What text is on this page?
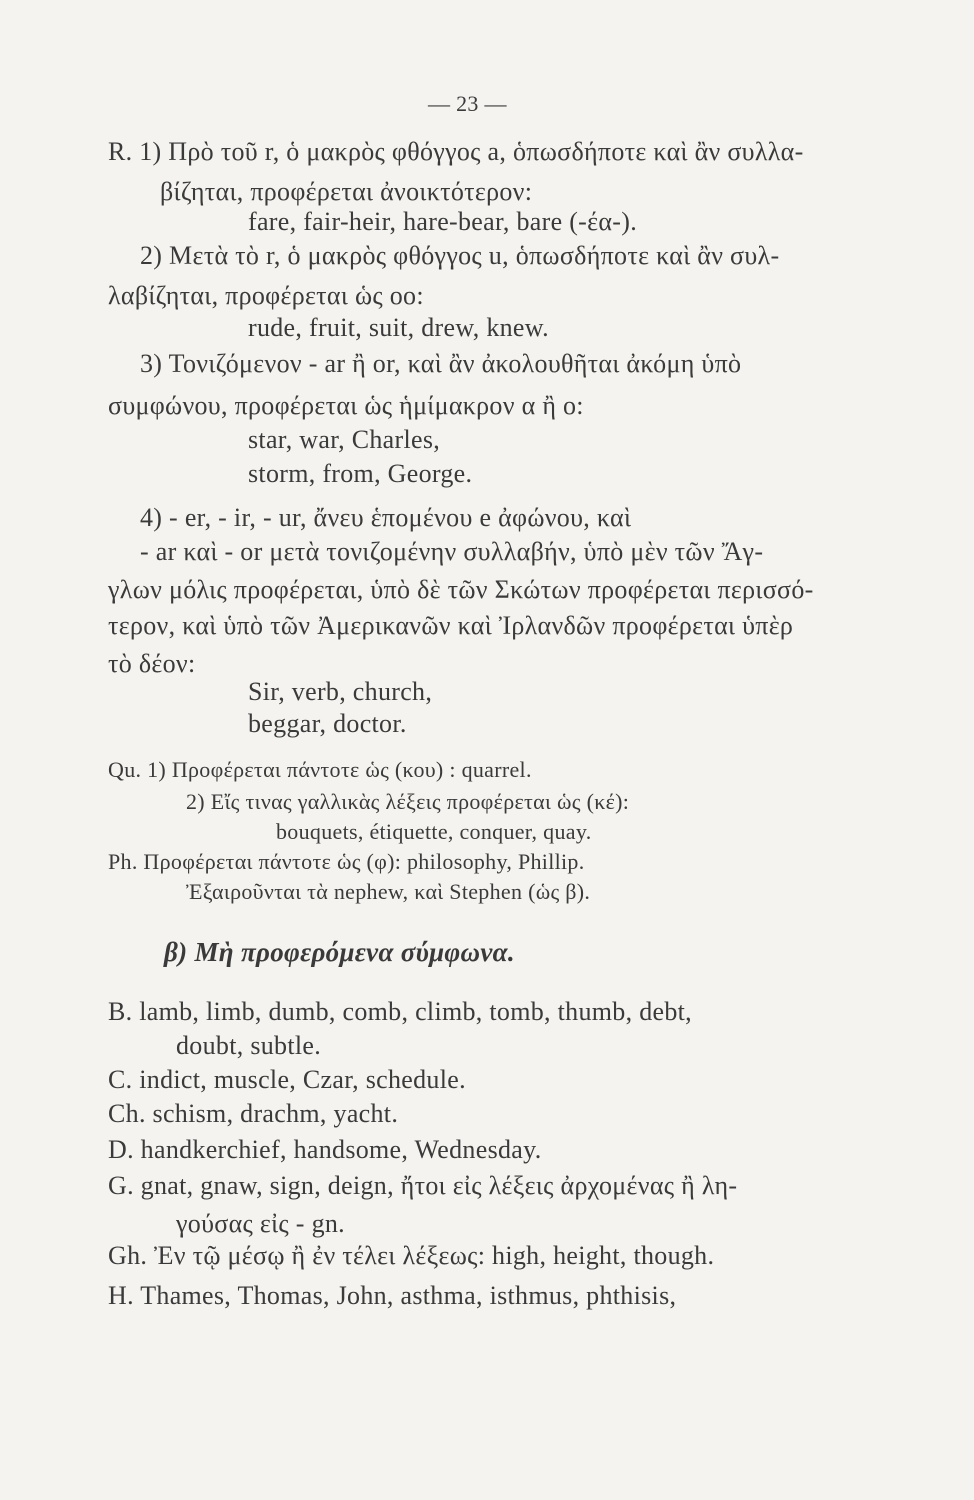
— 23 —
R. 1) Πρὸ τοῦ r, ὁ μακρὸς φθόγγος a, ὁπωσδήποτε καὶ ἂν συλλα-
βίζηται, προφέρεται ἀνοικτότερον:
fare, fair-heir, hare-bear, bare (-έα-).
2) Μετὰ τὸ r, ὁ μακρὸς φθόγγος u, ὁπωσδήποτε καὶ ἂν συλ-
λαβίζηται, προφέρεται ὡς οο:
rude, fruit, suit, drew, knew.
3) Τονιζόμενον - ar ἢ or, καὶ ἂν ἀκολουθῆται ἀκόμη ὑπὸ
συμφώνου, προφέρεται ὡς ἡμίμακρον α ἢ ο:
star, war, Charles,
storm, from, George.
4) - er, - ir, - ur, ἄνευ ἑπομένου e ἀφώνου, καὶ
- ar καὶ - or μετὰ τονιζομένην συλλαβήν, ὑπὸ μὲν τῶν Ἄγ-
γλων μόλις προφέρεται, ὑπὸ δὲ τῶν Σκώτων προφέρεται περισσό-
τερον, καὶ ὑπὸ τῶν Ἀμερικανῶν καὶ Ἰρλανδῶν προφέρεται ὑπὲρ
τὸ δέον:
Sir, verb, church,
beggar, doctor.
Qu. 1) Προφέρεται πάντοτε ὡς (κου) : quarrel.
2) Εἴς τινας γαλλικὰς λέξεις προφέρεται ὡς (κέ):
bouquets, étiquette, conquer, quay.
Ph. Προφέρεται πάντοτε ὡς (φ): philosophy, Phillip.
Ἐξαιροῦνται τὰ nephew, καὶ Stephen (ὡς β).
β) Μὴ προφερόμενα σύμφωνα.
B. lamb, limb, dumb, comb, climb, tomb, thumb, debt,
doubt, subtle.
C. indict, muscle, Czar, schedule.
Ch. schism, drachm, yacht.
D. handkerchief, handsome, Wednesday.
G. gnat, gnaw, sign, deign, ἤτοι εἰς λέξεις ἀρχομένας ἢ λη-
γούσας εἰς - gn.
Gh. Ἐν τῷ μέσῳ ἢ ἐν τέλει λέξεως: high, height, though.
H. Thames, Thomas, John, asthma, isthmus, phthisis,
